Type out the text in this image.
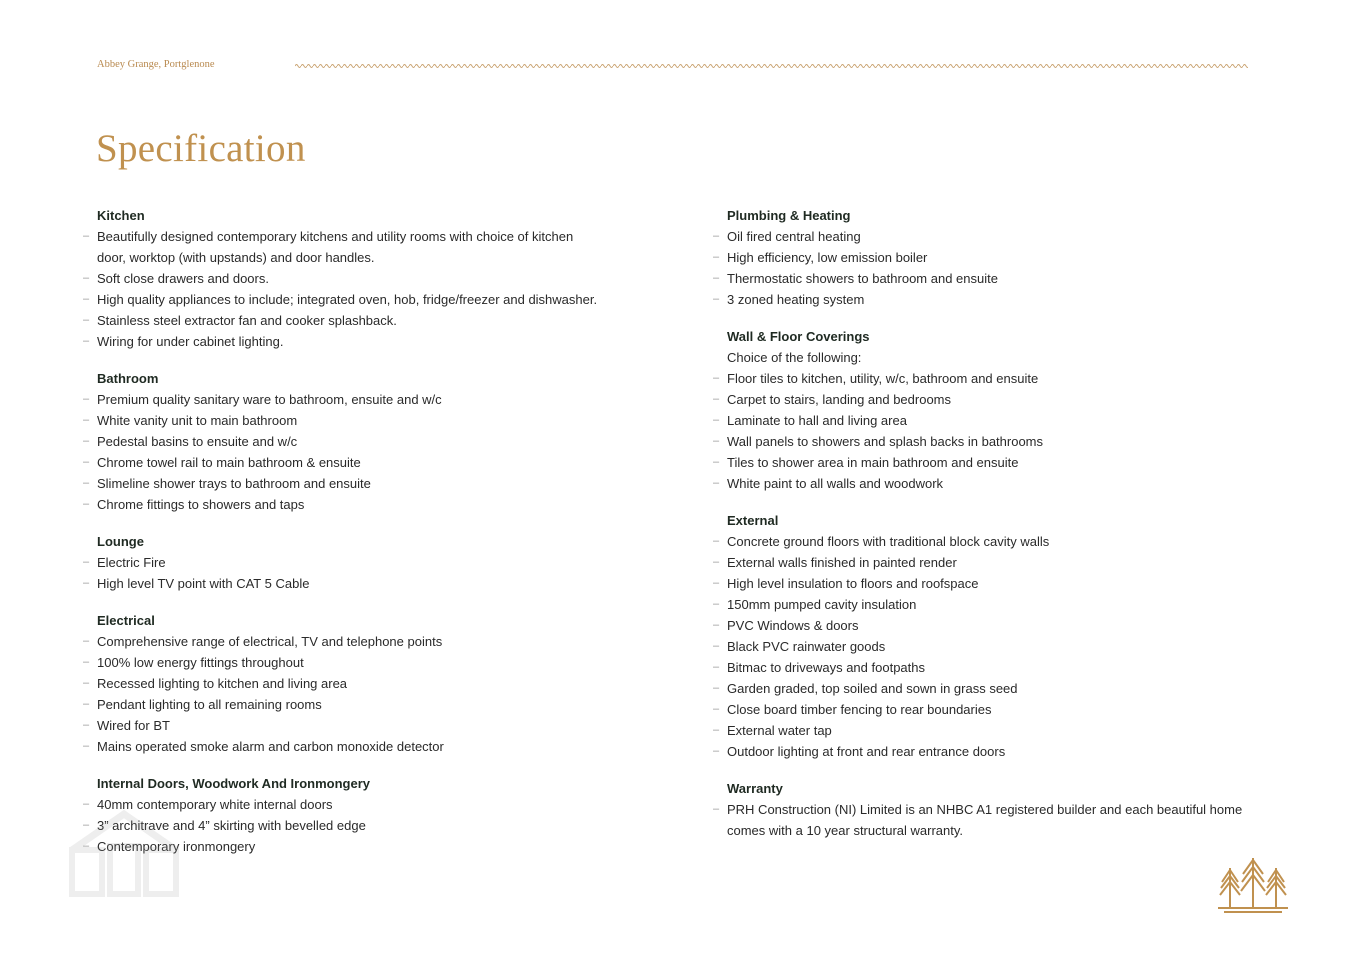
Abbey Grange, Portglenone
Specification
Kitchen
– Beautifully designed contemporary kitchens and utility rooms with choice of kitchen door, worktop (with upstands) and door handles.
– Soft close drawers and doors.
– High quality appliances to include; integrated oven, hob, fridge/freezer and dishwasher.
– Stainless steel extractor fan and cooker splashback.
– Wiring for under cabinet lighting.
Bathroom
– Premium quality sanitary ware to bathroom, ensuite and w/c
– White vanity unit to main bathroom
– Pedestal basins to ensuite and w/c
– Chrome towel rail to main bathroom & ensuite
– Slimeline shower trays to bathroom and ensuite
– Chrome fittings to showers and taps
Lounge
– Electric Fire
– High level TV point with CAT 5 Cable
Electrical
– Comprehensive range of electrical, TV and telephone points
– 100% low energy fittings throughout
– Recessed lighting to kitchen and living area
– Pendant lighting to all remaining rooms
– Wired for BT
– Mains operated smoke alarm and carbon monoxide detector
Internal Doors, Woodwork And Ironmongery
– 40mm contemporary white internal doors
– 3” architrave and 4” skirting with bevelled edge
– Contemporary ironmongery
Plumbing & Heating
– Oil fired central heating
– High efficiency, low emission boiler
– Thermostatic showers to bathroom and ensuite
– 3 zoned heating system
Wall & Floor Coverings
Choice of the following:
– Floor tiles to kitchen, utility, w/c, bathroom and ensuite
– Carpet to stairs, landing and bedrooms
– Laminate to hall and living area
– Wall panels to showers and splash backs in bathrooms
– Tiles to shower area in main bathroom and ensuite
– White paint to all walls and woodwork
External
– Concrete ground floors with traditional block cavity walls
– External walls finished in painted render
– High level insulation to floors and roofspace
– 150mm pumped cavity insulation
– PVC Windows & doors
– Black PVC rainwater goods
– Bitmac to driveways and footpaths
– Garden graded, top soiled and sown in grass seed
– Close board timber fencing to rear boundaries
– External water tap
– Outdoor lighting at front and rear entrance doors
Warranty
– PRH Construction (NI) Limited is an NHBC A1 registered builder and each beautiful home comes with a 10 year structural warranty.
